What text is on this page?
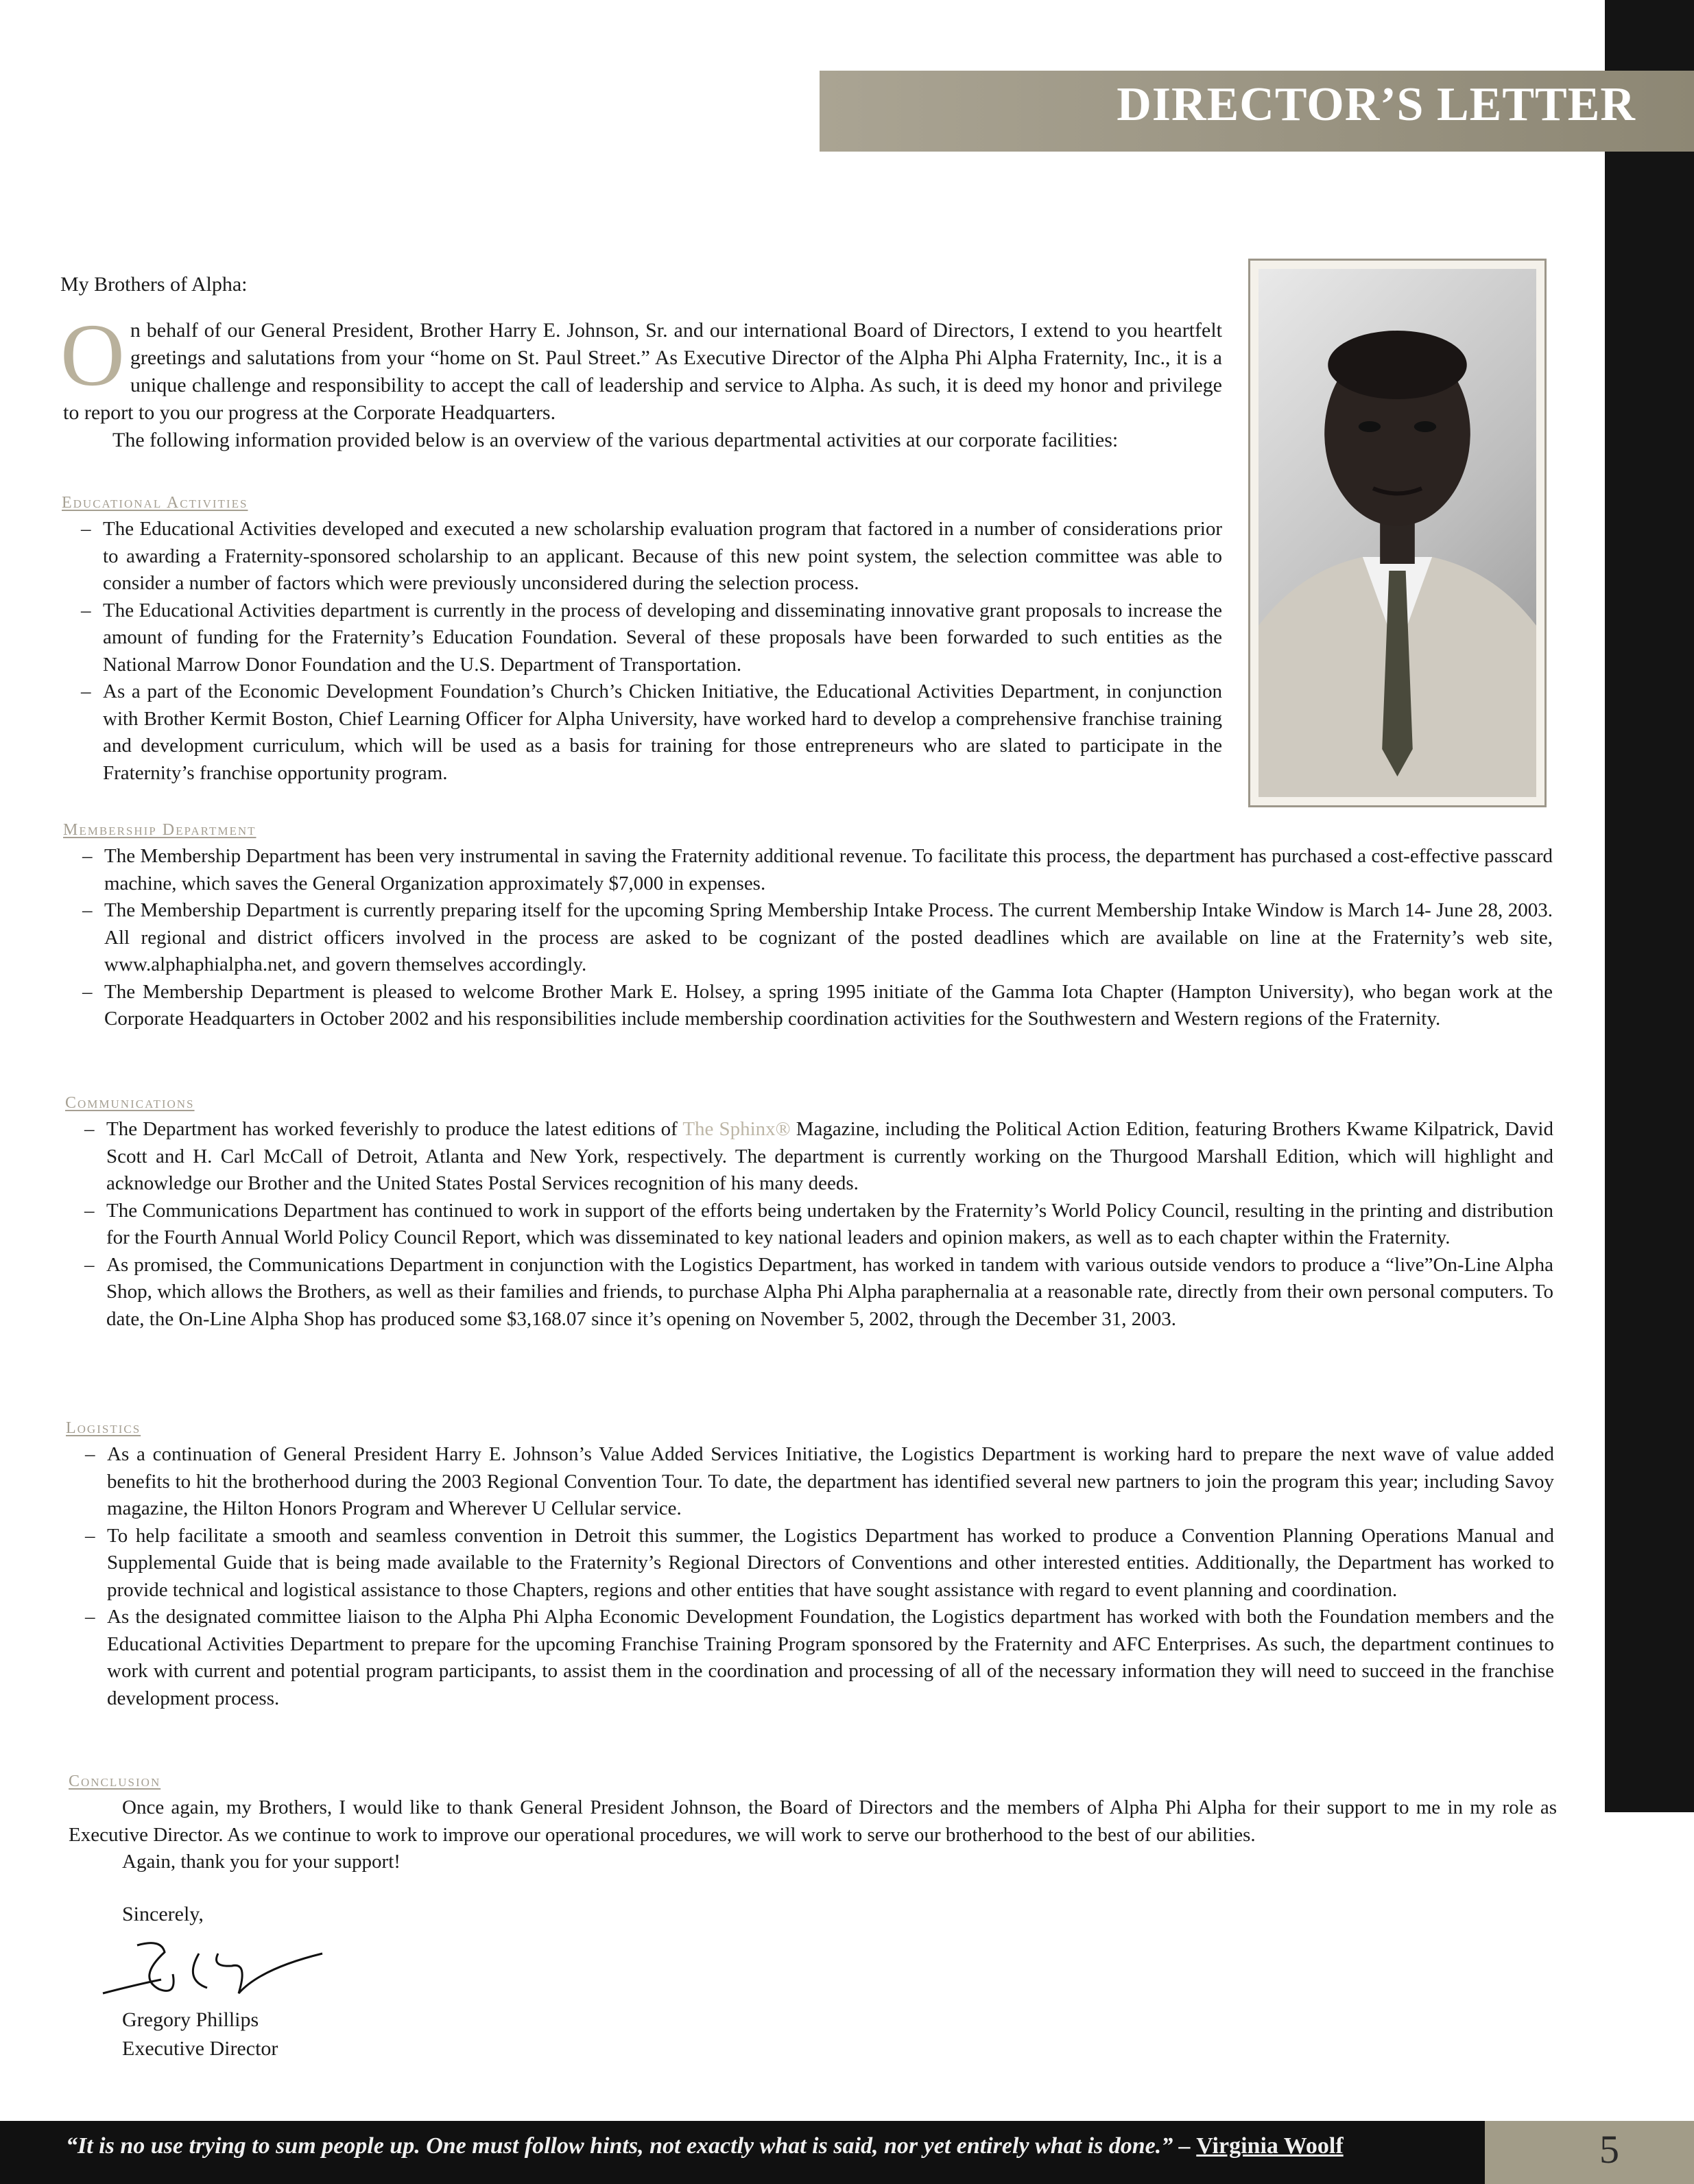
DIRECTOR’S LETTER
My Brothers of Alpha:
O n behalf of our General President, Brother Harry E. Johnson, Sr. and our international Board of Directors, I extend to you heartfelt greetings and salutations from your “home on St. Paul Street.” As Executive Director of the Alpha Phi Alpha Fraternity, Inc., it is a unique challenge and responsibility to accept the call of leadership and service to Alpha. As such, it is deed my honor and privilege to report to you our progress at the Corporate Headquarters.
The following information provided below is an overview of the various departmental activities at our corporate facilities:
Educational Activities
– The Educational Activities developed and executed a new scholarship evaluation program that factored in a number of considerations prior to awarding a Fraternity-sponsored scholarship to an applicant. Because of this new point system, the selection committee was able to consider a number of factors which were previously unconsidered during the selection process.
– The Educational Activities department is currently in the process of developing and disseminating innovative grant proposals to increase the amount of funding for the Fraternity’s Education Foundation. Several of these proposals have been forwarded to such entities as the National Marrow Donor Foundation and the U.S. Department of Transportation.
– As a part of the Economic Development Foundation’s Church’s Chicken Initiative, the Educational Activities Department, in conjunction with Brother Kermit Boston, Chief Learning Officer for Alpha University, have worked hard to develop a comprehensive franchise training and development curriculum, which will be used as a basis for training for those entrepreneurs who are slated to participate in the Fraternity’s franchise opportunity program.
Membership Department
– The Membership Department has been very instrumental in saving the Fraternity additional revenue. To facilitate this process, the department has purchased a cost-effective passcard machine, which saves the General Organization approximately $7,000 in expenses.
– The Membership Department is currently preparing itself for the upcoming Spring Membership Intake Process. The current Membership Intake Window is March 14- June 28, 2003. All regional and district officers involved in the process are asked to be cognizant of the posted deadlines which are available on line at the Fraternity’s web site, www.alphaphialpha.net, and govern themselves accordingly.
– The Membership Department is pleased to welcome Brother Mark E. Holsey, a spring 1995 initiate of the Gamma Iota Chapter (Hampton University), who began work at the Corporate Headquarters in October 2002 and his responsibilities include membership coordination activities for the Southwestern and Western regions of the Fraternity.
Communications
– The Department has worked feverishly to produce the latest editions of The Sphinx® Magazine, including the Political Action Edition, featuring Brothers Kwame Kilpatrick, David Scott and H. Carl McCall of Detroit, Atlanta and New York, respectively. The department is currently working on the Thurgood Marshall Edition, which will highlight and acknowledge our Brother and the United States Postal Services recognition of his many deeds.
– The Communications Department has continued to work in support of the efforts being undertaken by the Fraternity’s World Policy Council, resulting in the printing and distribution for the Fourth Annual World Policy Council Report, which was disseminated to key national leaders and opinion makers, as well as to each chapter within the Fraternity.
– As promised, the Communications Department in conjunction with the Logistics Department, has worked in tandem with various outside vendors to produce a “live”On-Line Alpha Shop, which allows the Brothers, as well as their families and friends, to purchase Alpha Phi Alpha paraphernalia at a reasonable rate, directly from their own personal computers. To date, the On-Line Alpha Shop has produced some $3,168.07 since it’s opening on November 5, 2002, through the December 31, 2003.
Logistics
– As a continuation of General President Harry E. Johnson’s Value Added Services Initiative, the Logistics Department is working hard to prepare the next wave of value added benefits to hit the brotherhood during the 2003 Regional Convention Tour. To date, the department has identified several new partners to join the program this year; including Savoy magazine, the Hilton Honors Program and Wherever U Cellular service.
– To help facilitate a smooth and seamless convention in Detroit this summer, the Logistics Department has worked to produce a Convention Planning Operations Manual and Supplemental Guide that is being made available to the Fraternity’s Regional Directors of Conventions and other interested entities. Additionally, the Department has worked to provide technical and logistical assistance to those Chapters, regions and other entities that have sought assistance with regard to event planning and coordination.
– As the designated committee liaison to the Alpha Phi Alpha Economic Development Foundation, the Logistics department has worked with both the Foundation members and the Educational Activities Department to prepare for the upcoming Franchise Training Program sponsored by the Fraternity and AFC Enterprises. As such, the department continues to work with current and potential program participants, to assist them in the coordination and processing of all of the necessary information they will need to succeed in the franchise development process.
Conclusion
Once again, my Brothers, I would like to thank General President Johnson, the Board of Directors and the members of Alpha Phi Alpha for their support to me in my role as Executive Director. As we continue to work to improve our operational procedures, we will work to serve our brotherhood to the best of our abilities.
Again, thank you for your support!
Sincerely,
Gregory Phillips
Executive Director
“It is no use trying to sum people up. One must follow hints, not exactly what is said, nor yet entirely what is done.” – Virginia Woolf	5
